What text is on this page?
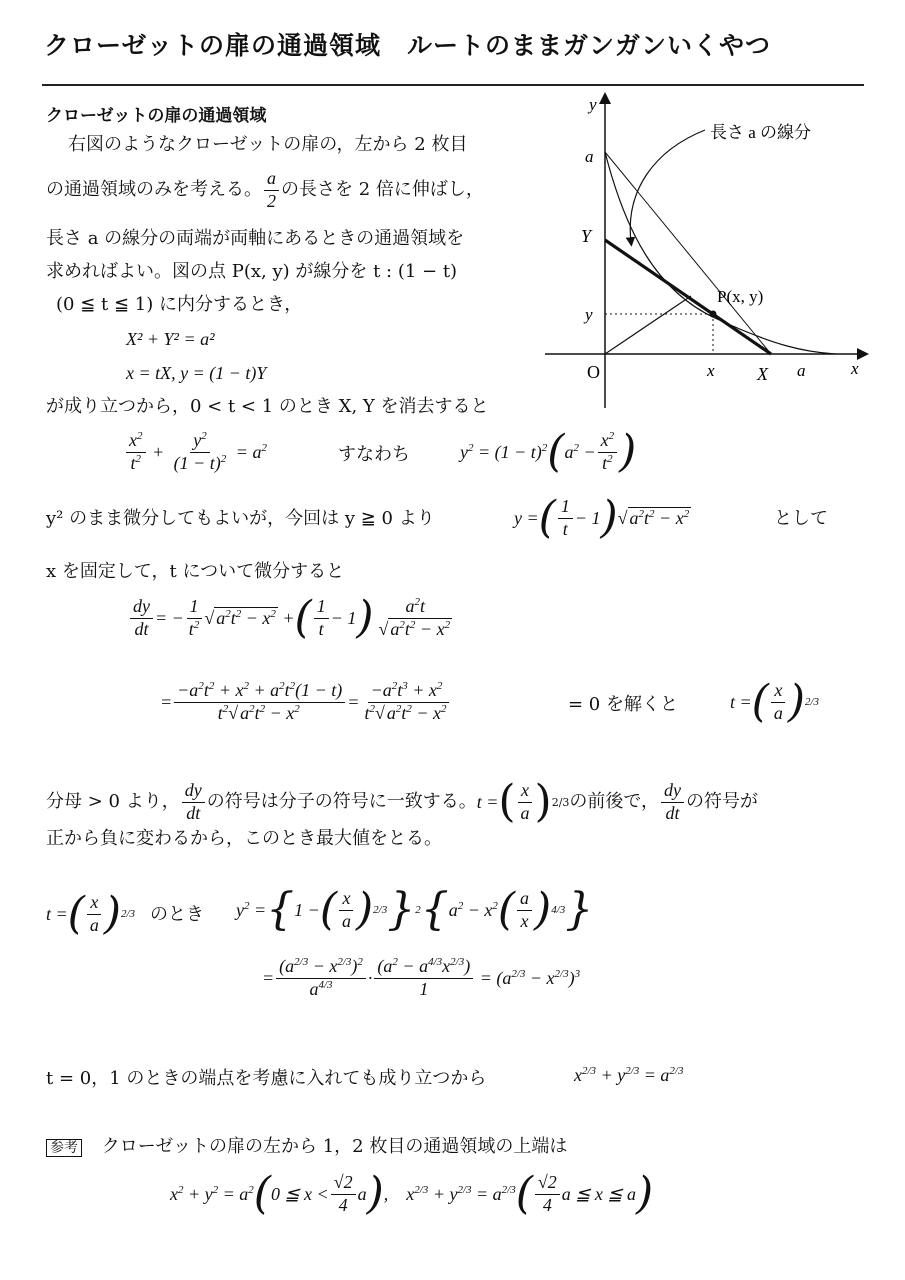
クローゼットの扉の通過領域　ルートのままガンガンいくやつ
クローゼットの扉の通過領域
右図のようなクローゼットの扉の，左から 2 枚目
の通過領域のみを考える。 $\frac{a}{2}$ の長さを 2 倍に伸ばし，
長さ a の線分の両端が両軸にあるときの通過領域を
求めればよい。図の点 P(x, y) が線分を t : (1 − t)
(0 ≦ t ≦ 1) に内分するとき，
X² + Y² = a²
x = tX, y = (1 − t)Y
が成り立つから，0 < t < 1 のとき X, Y を消去すると
y
x
O
a
Y
y
x X a
P(x, y)
長さ a の線分
$\frac{x^2}{t^2} + \frac{y^2}{(1 - t)^2} = a^2$	すなわち	$y^2 = (1 - t)^2$ ( $a^2 - \frac{x^2}{t^2}$ )
y² のまま微分してもよいが，今回は y ≧ 0 より	y = ( $\frac{1}{t} - 1$ ) √ $a^2t^2 - x^2$	として
x を固定して，t について微分すると
$\frac{dy}{dt}$ = − $\frac{1}{t^2}$ √ $a^2t^2 - x^2$ + ( $\frac{1}{t} - 1$ ) $\frac{a^2t}{√ a^2t^2 - x^2}$
= $\frac{-a^2t^2 + x^2 + a^2t^2(1 - t)}{t^2√ a^2t^2 - x^2} = \frac{-a^2t^3 + x^2}{t^2√ a^2t^2 - x^2}$	= 0 を解くと	t = ( $\frac{x}{a}$ ) 2/3
分母 > 0 より， $\frac{dy}{dt}$ の符号は分子の符号に一致する。 t = ( $\frac{x}{a}$ ) 2/3 の前後で， $\frac{dy}{dt}$ の符号が
正から負に変わるから，このとき最大値をとる。
t = ( $\frac{x}{a}$ ) 2/3 のとき $y^2$ = { 1 − ( $\frac{x}{a}$ ) 2/3 } 2 { $a^2 - x^2$ ( $\frac{a}{x}$ ) 4/3 }
= $\frac{(a^{2/3} - x^{2/3})^2}{a^{4/3}} \cdot \frac{(a^2 - a^{4/3}x^{2/3})}{1} = (a^{2/3} - x^{2/3})^3$
t = 0，1 のときの端点を考慮に入れても成り立つから	$x^{2/3} + y^{2/3} = a^{2/3}$
参考 クローゼットの扉の左から 1，2 枚目の通過領域の上端は
$x^2 + y^2 = a^2$ ( 0 ≦ $x < \frac{√2}{4}$ a ) , $x^{2/3} + y^{2/3} = a^{2/3}$ ( $\frac{√2}{4}$ a ≦ x ≦ a )
